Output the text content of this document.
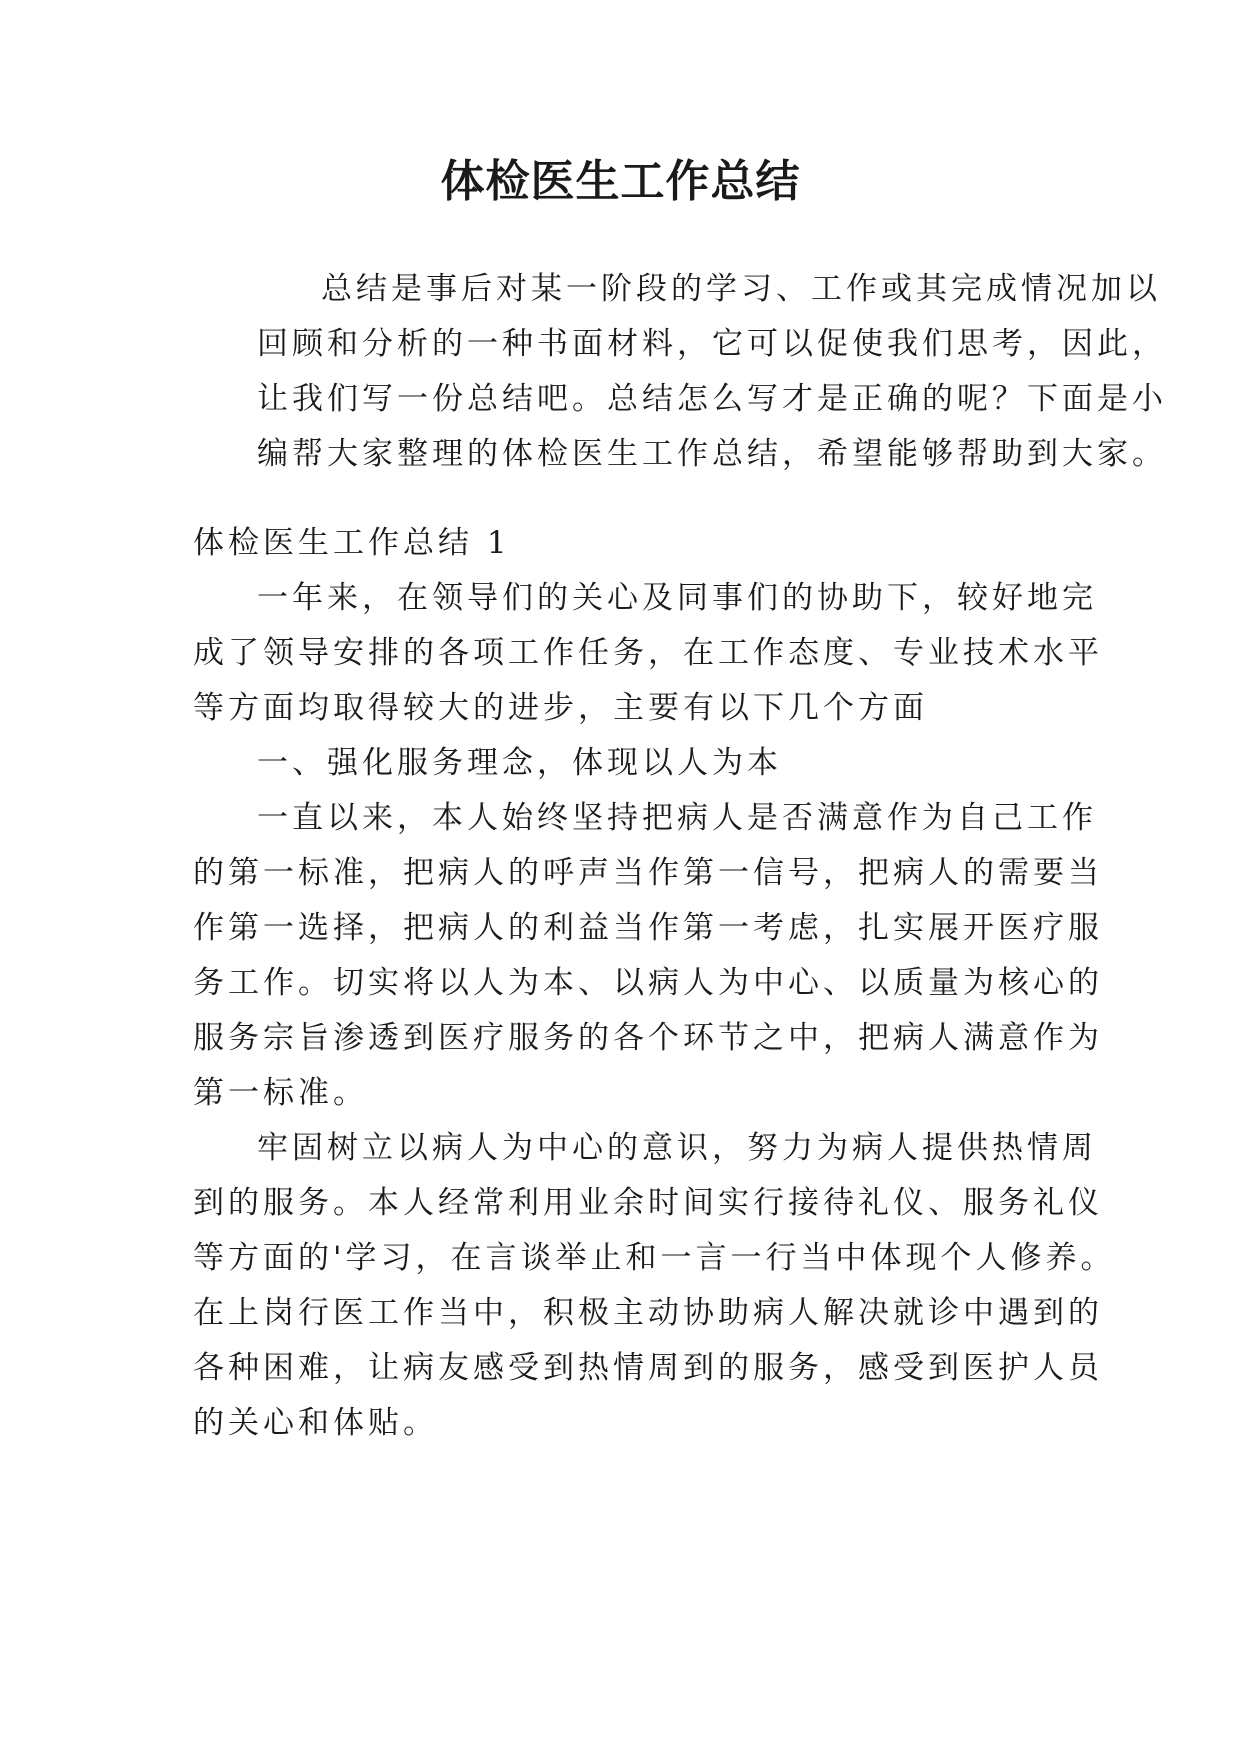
体检医生工作总结
总结是事后对某一阶段的学习、工作或其完成情况加以
回顾和分析的一种书面材料，它可以促使我们思考，因此，
让我们写一份总结吧。总结怎么写才是正确的呢？下面是小
编帮大家整理的体检医生工作总结，希望能够帮助到大家。
体检医生工作总结 1
一年来，在领导们的关心及同事们的协助下，较好地完
成了领导安排的各项工作任务，在工作态度、专业技术水平
等方面均取得较大的进步，主要有以下几个方面
一、强化服务理念，体现以人为本
一直以来，本人始终坚持把病人是否满意作为自己工作
的第一标准，把病人的呼声当作第一信号，把病人的需要当
作第一选择，把病人的利益当作第一考虑，扎实展开医疗服
务工作。切实将以人为本、以病人为中心、以质量为核心的
服务宗旨渗透到医疗服务的各个环节之中，把病人满意作为
第一标准。
牢固树立以病人为中心的意识，努力为病人提供热情周
到的服务。本人经常利用业余时间实行接待礼仪、服务礼仪
等方面的'学习，在言谈举止和一言一行当中体现个人修养。
在上岗行医工作当中，积极主动协助病人解决就诊中遇到的
各种困难，让病友感受到热情周到的服务，感受到医护人员
的关心和体贴。
